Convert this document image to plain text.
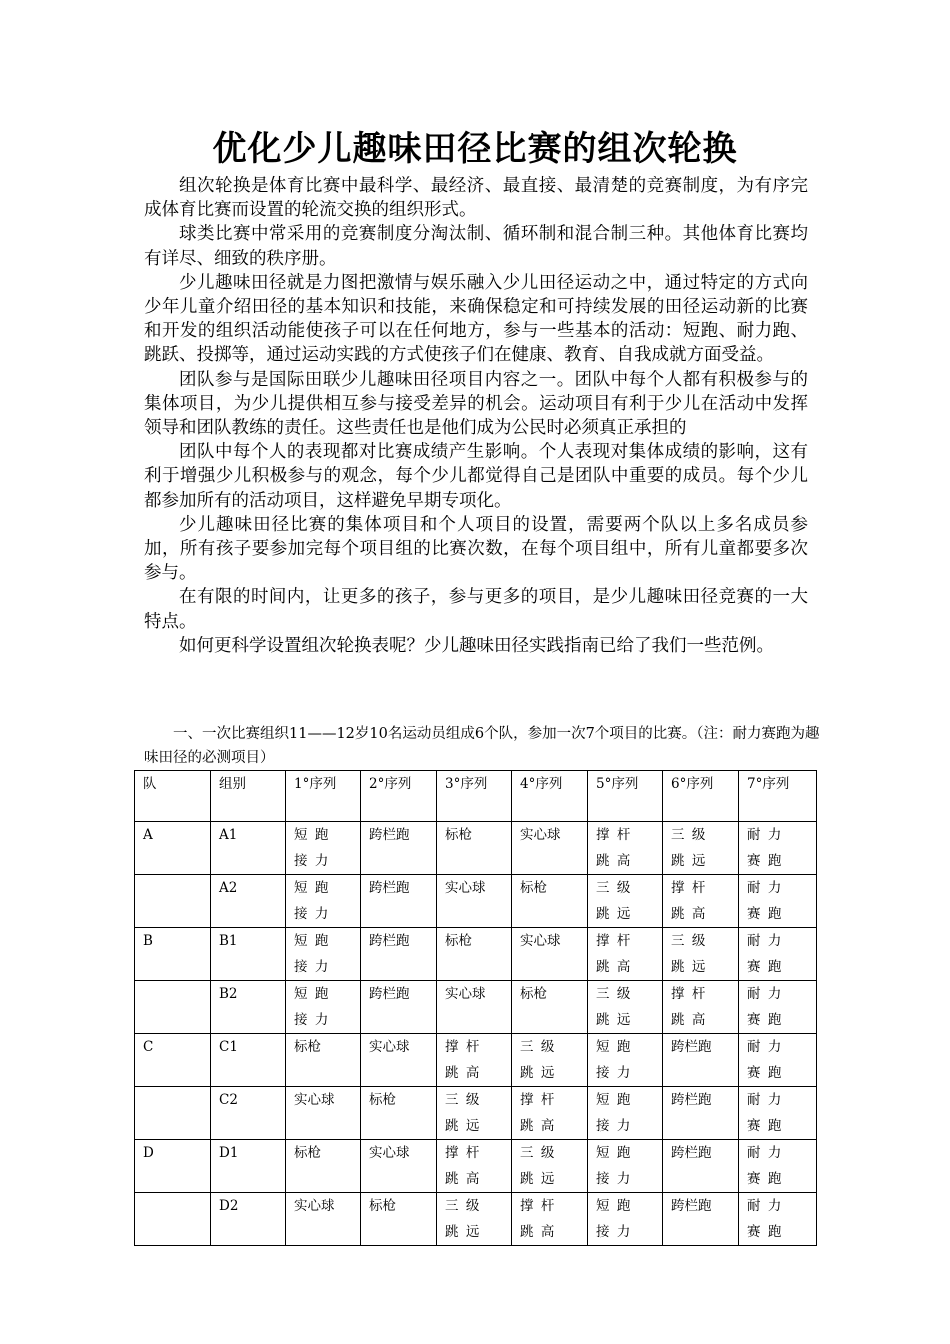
优化少儿趣味田径比赛的组次轮换

组次轮换是体育比赛中最科学、最经济、最直接、最清楚的竞赛制度，为有序完成体育比赛而设置的轮流交换的组织形式。

球类比赛中常采用的竞赛制度分淘汰制、循环制和混合制三种。其他体育比赛均有详尽、细致的秩序册。

少儿趣味田径就是力图把激情与娱乐融入少儿田径运动之中，通过特定的方式向少年儿童介绍田径的基本知识和技能，来确保稳定和可持续发展的田径运动新的比赛和开发的组织活动能使孩子可以在任何地方，参与一些基本的活动：短跑、耐力跑、跳跃、投掷等，通过运动实践的方式使孩子们在健康、教育、自我成就方面受益。

团队参与是国际田联少儿趣味田径项目内容之一。团队中每个人都有积极参与的集体项目，为少儿提供相互参与接受差异的机会。运动项目有利于少儿在活动中发挥领导和团队教练的责任。这些责任也是他们成为公民时必须真正承担的

团队中每个人的表现都对比赛成绩产生影响。个人表现对集体成绩的影响，这有利于增强少儿积极参与的观念，每个少儿都觉得自己是团队中重要的成员。每个少儿都参加所有的活动项目，这样避免早期专项化。

少儿趣味田径比赛的集体项目和个人项目的设置，需要两个队以上多名成员参加，所有孩子要参加完每个项目组的比赛次数，在每个项目组中，所有儿童都要多次参与。

在有限的时间内，让更多的孩子，参与更多的项目，是少儿趣味田径竞赛的一大特点。

如何更科学设置组次轮换表呢？少儿趣味田径实践指南已给了我们一些范例。

一、一次比赛组织11——12岁10名运动员组成6个队，参加一次7个项目的比赛。（注：耐力赛跑为趣味田径的必测项目）

队	组别	1°序列	2°序列	3°序列	4°序列	5°序列	6°序列	7°序列
A	A1	短跑接力	跨栏跑	标枪	实心球	撑杆跳高	三级跳远	耐力赛跑
	A2	短跑接力	跨栏跑	实心球	标枪	三级跳远	撑杆跳高	耐力赛跑
B	B1	短跑接力	跨栏跑	标枪	实心球	撑杆跳高	三级跳远	耐力赛跑
	B2	短跑接力	跨栏跑	实心球	标枪	三级跳远	撑杆跳高	耐力赛跑
C	C1	标枪	实心球	撑杆跳高	三级跳远	短跑接力	跨栏跑	耐力赛跑
	C2	实心球	标枪	三级跳远	撑杆跳高	短跑接力	跨栏跑	耐力赛跑
D	D1	标枪	实心球	撑杆跳高	三级跳远	短跑接力	跨栏跑	耐力赛跑
	D2	实心球	标枪	三级跳远	撑杆跳高	短跑接力	跨栏跑	耐力赛跑
